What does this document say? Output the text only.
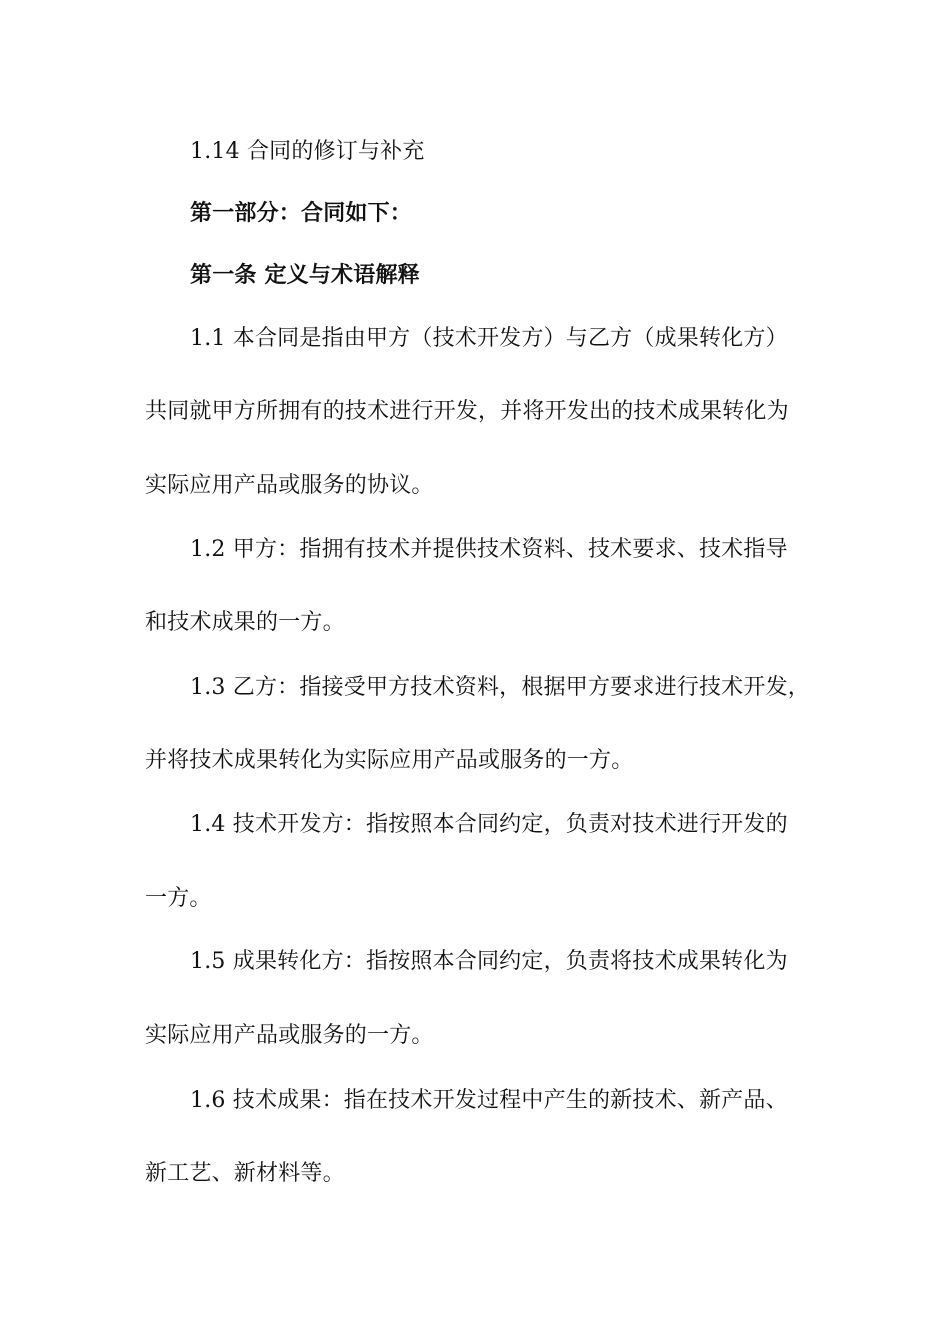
1.14 合同的修订与补充
第一部分：合同如下：
第一条 定义与术语解释
1.1 本合同是指由甲方（技术开发方）与乙方（成果转化方）
共同就甲方所拥有的技术进行开发，并将开发出的技术成果转化为
实际应用产品或服务的协议。
1.2 甲方：指拥有技术并提供技术资料、技术要求、技术指导
和技术成果的一方。
1.3 乙方：指接受甲方技术资料，根据甲方要求进行技术开发，
并将技术成果转化为实际应用产品或服务的一方。
1.4 技术开发方：指按照本合同约定，负责对技术进行开发的
一方。
1.5 成果转化方：指按照本合同约定，负责将技术成果转化为
实际应用产品或服务的一方。
1.6 技术成果：指在技术开发过程中产生的新技术、新产品、
新工艺、新材料等。
